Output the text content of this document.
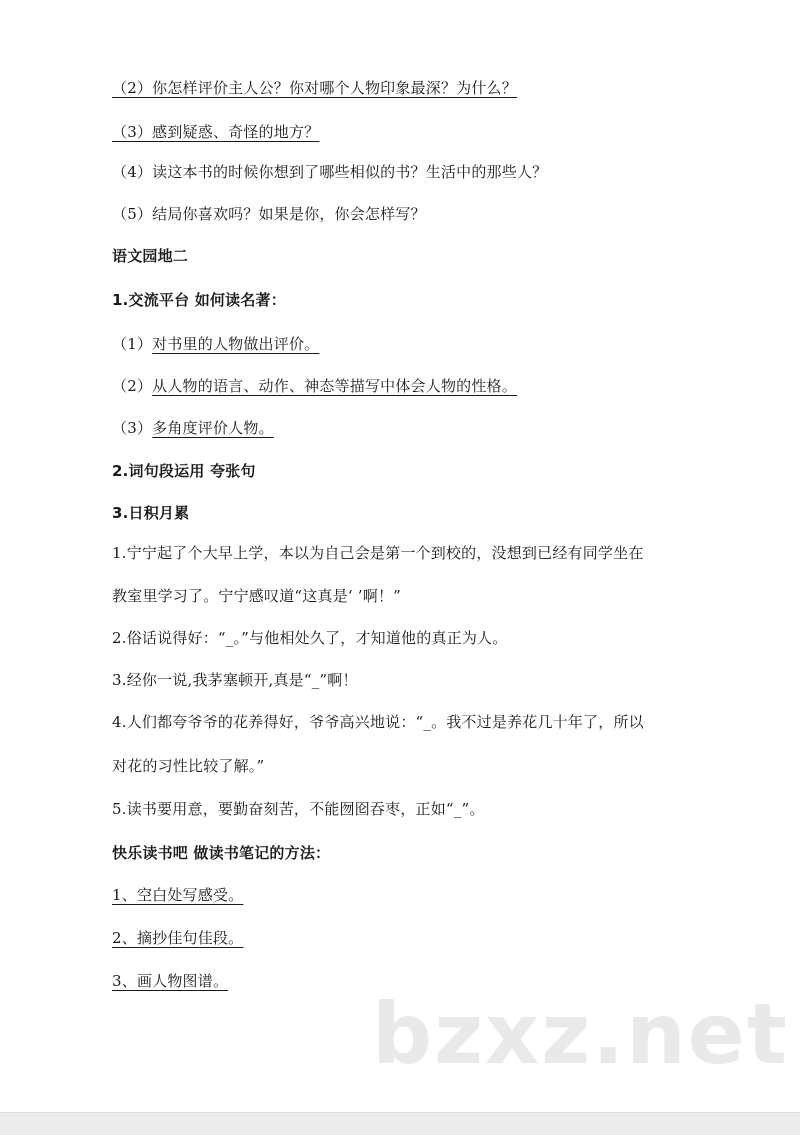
（2）你怎样评价主人公？你对哪个人物印象最深？为什么？
（3）感到疑惑、奇怪的地方？
（4）读这本书的时候你想到了哪些相似的书？生活中的那些人？
（5）结局你喜欢吗？如果是你，你会怎样写？
语文园地二
1.交流平台 如何读名著：
（1）对书里的人物做出评价。
（2）从人物的语言、动作、神态等描写中体会人物的性格。
（3）多角度评价人物。
2.词句段运用 夸张句
3.日积月累
1.宁宁起了个大早上学，本以为自己会是第一个到校的，没想到已经有同学坐在
教室里学习了。宁宁感叹道“这真是‘ ’啊！”
2.俗话说得好：“_。”与他相处久了，才知道他的真正为人。
3.经你一说,我茅塞顿开,真是“_”啊！
4.人们都夸爷爷的花养得好，爷爷高兴地说：“_。我不过是养花几十年了，所以
对花的习性比较了解。”
5.读书要用意，要勤奋刻苦，不能囫囵吞枣，正如“_”。
快乐读书吧 做读书笔记的方法：
1、空白处写感受。
2、摘抄佳句佳段。
3、画人物图谱。
bzxz.net
